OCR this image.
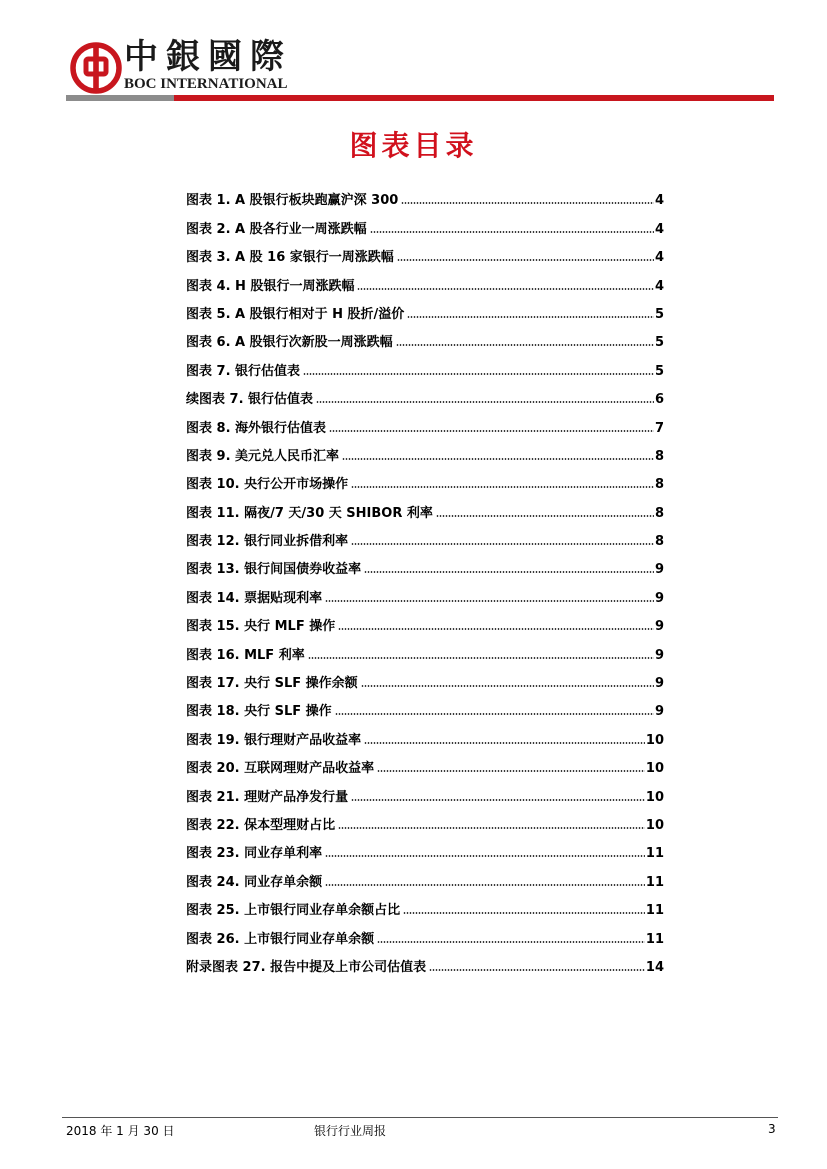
中銀國際
BOC INTERNATIONAL
图表目录
图表 1. A 股银行板块跑赢沪深 300	4
图表 2. A 股各行业一周涨跌幅	4
图表 3. A 股 16 家银行一周涨跌幅	4
图表 4. H 股银行一周涨跌幅	4
图表 5. A 股银行相对于 H 股折/溢价	5
图表 6. A 股银行次新股一周涨跌幅	5
图表 7. 银行估值表	5
续图表 7. 银行估值表	6
图表 8. 海外银行估值表	7
图表 9. 美元兑人民币汇率	8
图表 10. 央行公开市场操作	8
图表 11. 隔夜/7 天/30 天 SHIBOR 利率	8
图表 12. 银行同业拆借利率	8
图表 13. 银行间国债券收益率	9
图表 14. 票据贴现利率	9
图表 15. 央行 MLF 操作	9
图表 16. MLF 利率	9
图表 17. 央行 SLF 操作余额	9
图表 18. 央行 SLF 操作	9
图表 19. 银行理财产品收益率	10
图表 20. 互联网理财产品收益率	10
图表 21. 理财产品净发行量	10
图表 22. 保本型理财占比	10
图表 23. 同业存单利率	11
图表 24. 同业存单余额	11
图表 25. 上市银行同业存单余额占比	11
图表 26. 上市银行同业存单余额	11
附录图表 27. 报告中提及上市公司估值表	14
2018 年 1 月 30 日	银行行业周报	3
